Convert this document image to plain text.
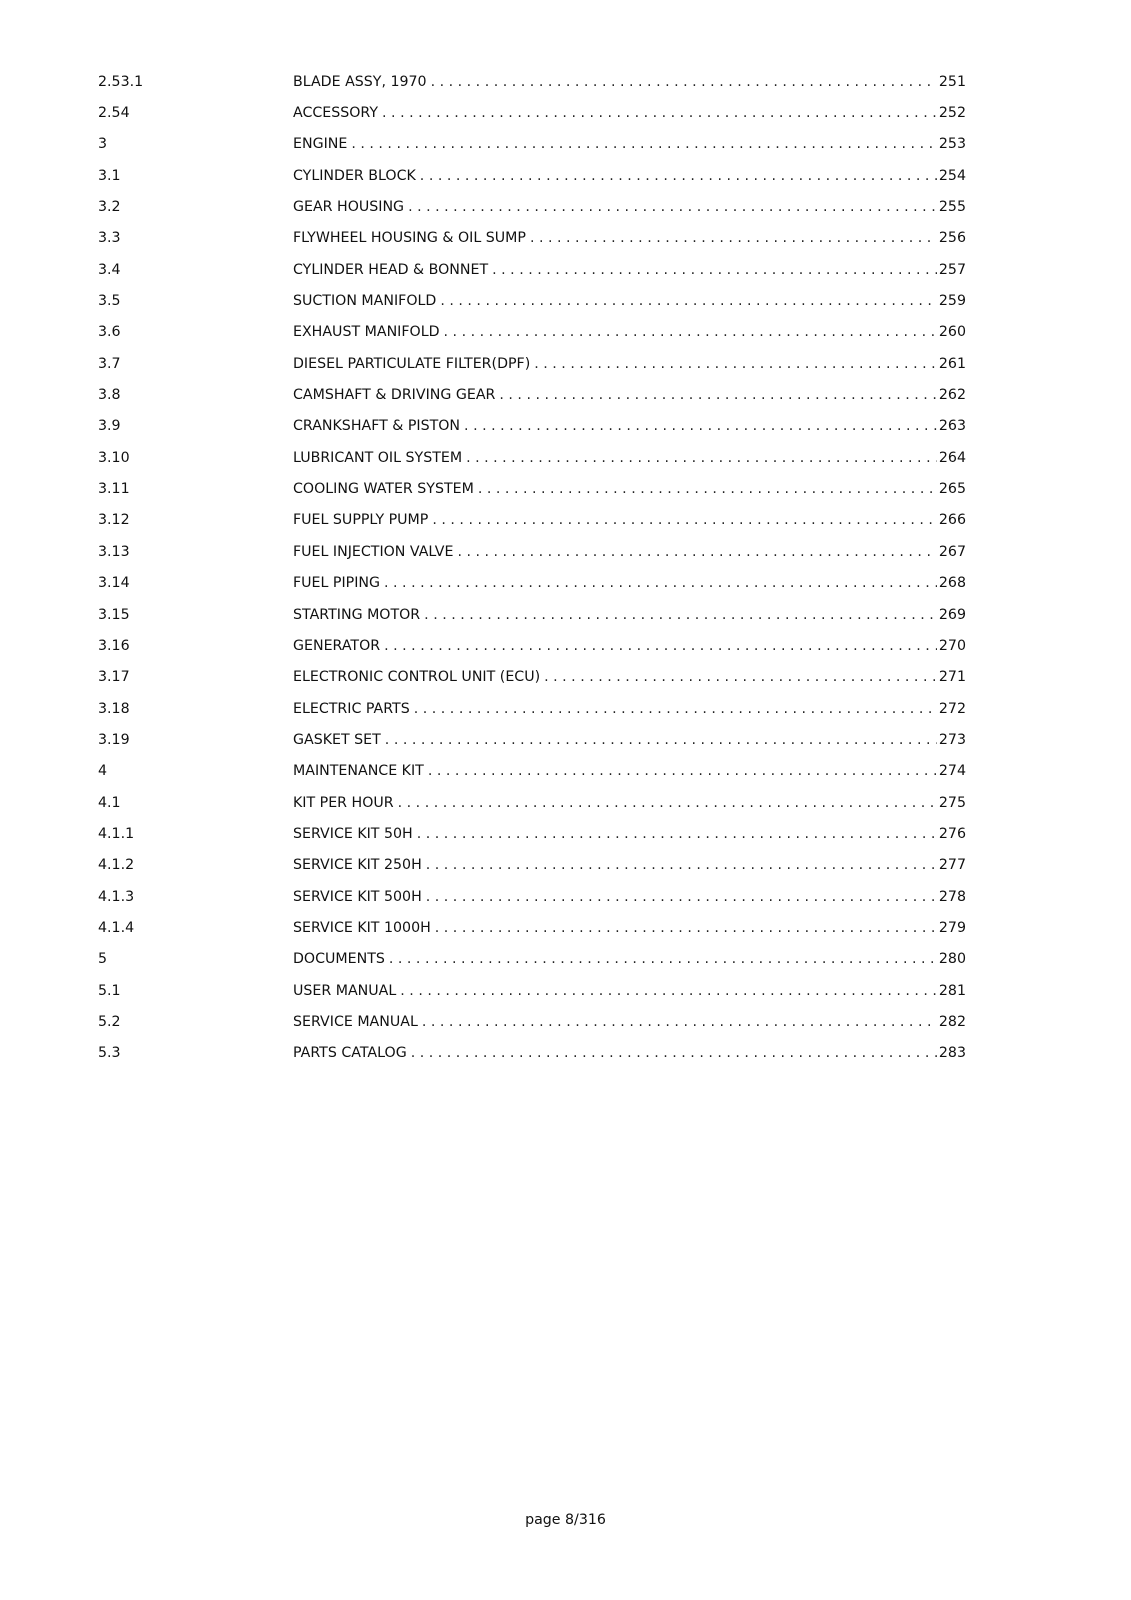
2.53.1	BLADE ASSY, 1970 . . .	251
2.54	ACCESSORY . . .	252
3	ENGINE . . .	253
3.1	CYLINDER BLOCK . . .	254
3.2	GEAR HOUSING . . .	255
3.3	FLYWHEEL HOUSING & OIL SUMP . . .	256
3.4	CYLINDER HEAD & BONNET . . .	257
3.5	SUCTION MANIFOLD . . .	259
3.6	EXHAUST MANIFOLD . . .	260
3.7	DIESEL PARTICULATE FILTER(DPF) . . .	261
3.8	CAMSHAFT & DRIVING GEAR . . .	262
3.9	CRANKSHAFT & PISTON . . .	263
3.10	LUBRICANT OIL SYSTEM . . .	264
3.11	COOLING WATER SYSTEM . . .	265
3.12	FUEL SUPPLY PUMP . . .	266
3.13	FUEL INJECTION VALVE . . .	267
3.14	FUEL PIPING . . .	268
3.15	STARTING MOTOR . . .	269
3.16	GENERATOR . . .	270
3.17	ELECTRONIC CONTROL UNIT (ECU) . . .	271
3.18	ELECTRIC PARTS . . .	272
3.19	GASKET SET . . .	273
4	MAINTENANCE KIT . . .	274
4.1	KIT PER HOUR . . .	275
4.1.1	SERVICE KIT 50H . . .	276
4.1.2	SERVICE KIT 250H . . .	277
4.1.3	SERVICE KIT 500H . . .	278
4.1.4	SERVICE KIT 1000H . . .	279
5	DOCUMENTS . . .	280
5.1	USER MANUAL . . .	281
5.2	SERVICE MANUAL . . .	282
5.3	PARTS CATALOG . . .	283
page 8/316
